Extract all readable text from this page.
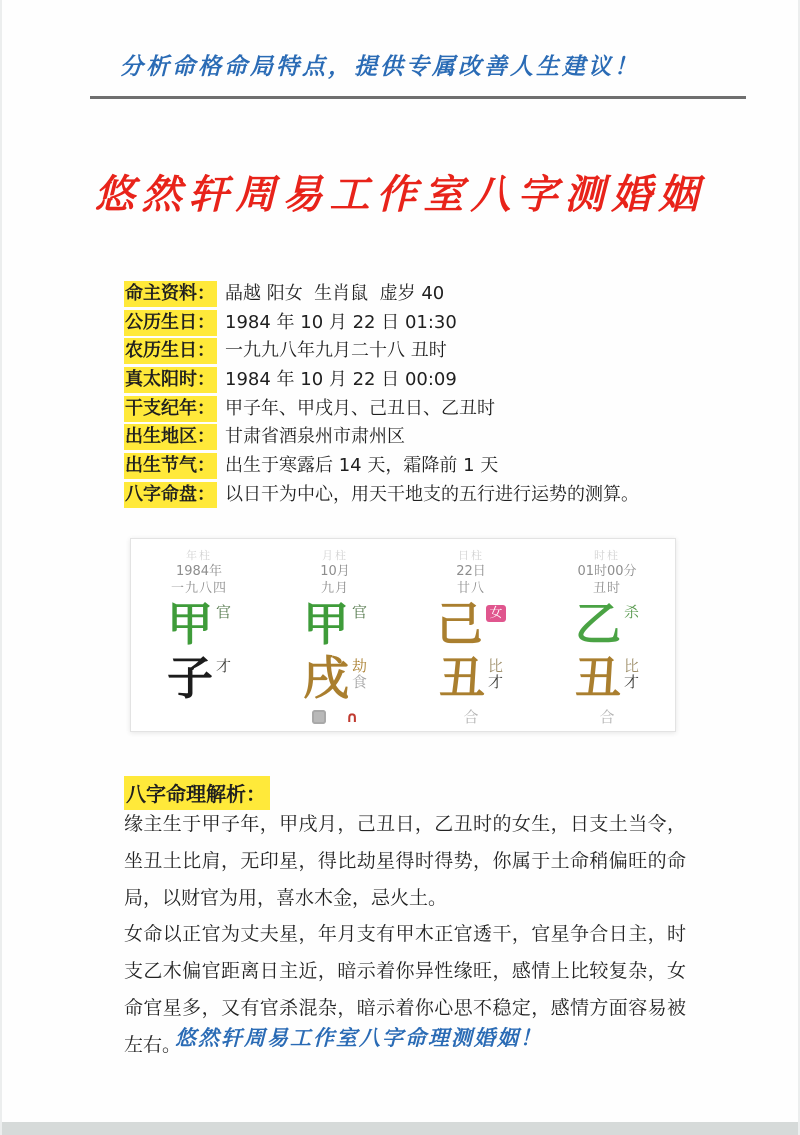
分析命格命局特点，提供专属改善人生建议！
悠然轩周易工作室八字测婚姻
命主资料： 晶越 阳女  生肖鼠  虚岁 40
公历生日： 1984 年 10 月 22 日 01:30
农历生日： 一九九八年九月二十八 丑时
真太阳时： 1984 年 10 月 22 日 00:09
干支纪年： 甲子年、甲戌月、己丑日、乙丑时
出生地区： 甘肃省酒泉州市肃州区
出生节气： 出生于寒露后 14 天，霜降前 1 天
八字命盘： 以日干为中心，用天干地支的五行进行运势的测算。
年柱
1984年
一九八四
甲 官
子 才
月柱
10月
九月
甲 官
戌 劫
食
∩
日柱
22日
廿八
己 女
丑 比
才
合
时柱
01时00分
丑时
乙 杀
丑 比
才
合
八字命理解析：
缘主生于甲子年，甲戌月，己丑日，乙丑时的女生，日支土当令，坐丑土比肩，无印星，得比劫星得时得势，你属于土命稍偏旺的命局，以财官为用，喜水木金，忌火土。
女命以正官为丈夫星，年月支有甲木正官透干，官星争合日主，时支乙木偏官距离日主近，暗示着你异性缘旺，感情上比较复杂，女命官星多，又有官杀混杂，暗示着你心思不稳定，感情方面容易被左右。
悠然轩周易工作室八字命理测婚姻！
